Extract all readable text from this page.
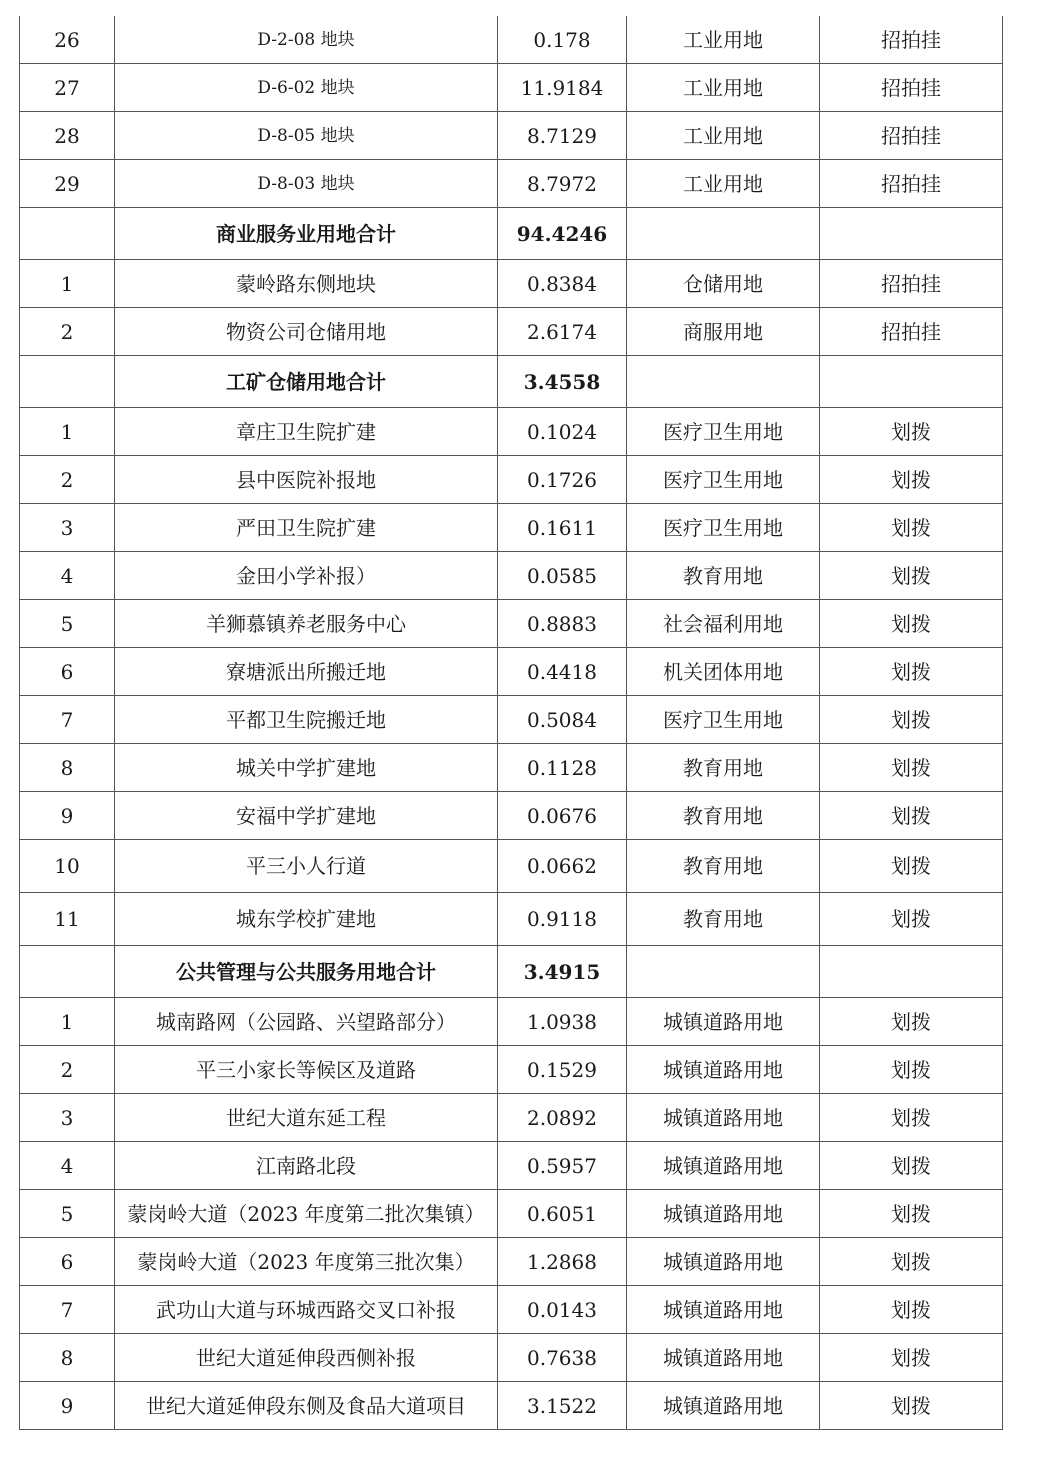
26	D-2-08 地块	0.178	工业用地	招拍挂
27	D-6-02 地块	11.9184	工业用地	招拍挂
28	D-8-05 地块	8.7129	工业用地	招拍挂
29	D-8-03 地块	8.7972	工业用地	招拍挂
	商业服务业用地合计	94.4246		
1	蒙岭路东侧地块	0.8384	仓储用地	招拍挂
2	物资公司仓储用地	2.6174	商服用地	招拍挂
	工矿仓储用地合计	3.4558		
1	章庄卫生院扩建	0.1024	医疗卫生用地	划拨
2	县中医院补报地	0.1726	医疗卫生用地	划拨
3	严田卫生院扩建	0.1611	医疗卫生用地	划拨
4	金田小学补报）	0.0585	教育用地	划拨
5	羊狮慕镇养老服务中心	0.8883	社会福利用地	划拨
6	寮塘派出所搬迁地	0.4418	机关团体用地	划拨
7	平都卫生院搬迁地	0.5084	医疗卫生用地	划拨
8	城关中学扩建地	0.1128	教育用地	划拨
9	安福中学扩建地	0.0676	教育用地	划拨
10	平三小人行道	0.0662	教育用地	划拨
11	城东学校扩建地	0.9118	教育用地	划拨
	公共管理与公共服务用地合计	3.4915		
1	城南路网（公园路、兴望路部分）	1.0938	城镇道路用地	划拨
2	平三小家长等候区及道路	0.1529	城镇道路用地	划拨
3	世纪大道东延工程	2.0892	城镇道路用地	划拨
4	江南路北段	0.5957	城镇道路用地	划拨
5	蒙岗岭大道（2023 年度第二批次集镇）	0.6051	城镇道路用地	划拨
6	蒙岗岭大道（2023 年度第三批次集）	1.2868	城镇道路用地	划拨
7	武功山大道与环城西路交叉口补报	0.0143	城镇道路用地	划拨
8	世纪大道延伸段西侧补报	0.7638	城镇道路用地	划拨
9	世纪大道延伸段东侧及食品大道项目	3.1522	城镇道路用地	划拨
